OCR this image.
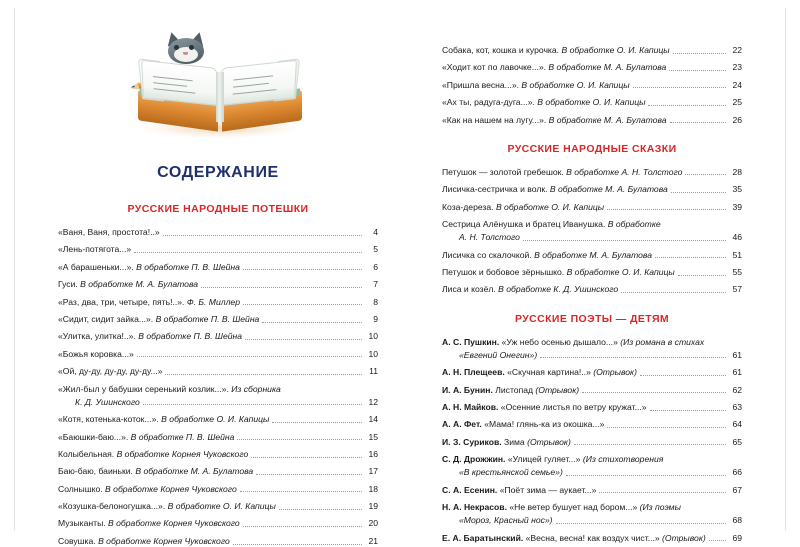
СОДЕРЖАНИЕ
РУССКИЕ НАРОДНЫЕ ПОТЕШКИ
«Ваня, Ваня, простота!..»	4
«Лень-потягота...»	5
«А барашеньки...». В обработке П. В. Шейна	6
Гуси. В обработке М. А. Булатова	7
«Раз, два, три, четыре, пять!..». Ф. Б. Миллер	8
«Сидит, сидит зайка...». В обработке П. В. Шейна	9
«Улитка, улитка!..». В обработке П. В. Шейна	10
«Божья коровка...»	10
«Ой, ду-ду, ду-ду, ду-ду...»	11
«Жил-был у бабушки серенький козлик...». Из сборника
К. Д. Ушинского	12
«Котя, котенька-коток...». В обработке О. И. Капицы	14
«Баюшки-баю...». В обработке П. В. Шейна	15
Колыбельная. В обработке Корнея Чуковского	16
Баю-баю, баиньки. В обработке М. А. Булатова	17
Солнышко. В обработке Корнея Чуковского	18
«Козушка-белоногушка...». В обработке О. И. Капицы	19
Музыканты. В обработке Корнея Чуковского	20
Совушка. В обработке Корнея Чуковского	21
Собака, кот, кошка и курочка. В обработке О. И. Капицы	22
«Ходит кот по лавочке...». В обработке М. А. Булатова	23
«Пришла весна...». В обработке О. И. Капицы	24
«Ах ты, радуга-дуга...». В обработке О. И. Капицы	25
«Как на нашем на лугу...». В обработке М. А. Булатова	26
РУССКИЕ НАРОДНЫЕ СКАЗКИ
Петушок — золотой гребешок. В обработке А. Н. Толстого	28
Лисичка-сестричка и волк. В обработке М. А. Булатова	35
Коза-дереза. В обработке О. И. Капицы	39
Сестрица Алёнушка и братец Иванушка. В обработке
А. Н. Толстого	46
Лисичка со скалочкой. В обработке М. А. Булатова	51
Петушок и бобовое зёрнышко. В обработке О. И. Капицы	55
Лиса и козёл. В обработке К. Д. Ушинского	57
РУССКИЕ ПОЭТЫ — ДЕТЯМ
А. С. Пушкин. «Уж небо осенью дышало...» (Из романа в стихах
«Евгений Онегин»)	61
А. Н. Плещеев. «Скучная картина!..» (Отрывок)	61
И. А. Бунин. Листопад (Отрывок)	62
А. Н. Майков. «Осенние листья по ветру кружат...»	63
А. А. Фет. «Мама! глянь-ка из окошка...»	64
И. З. Суриков. Зима (Отрывок)	65
С. Д. Дрожжин. «Улицей гуляет...» (Из стихотворения
«В крестьянской семье»)	66
С. А. Есенин. «Поёт зима — аукает...»	67
Н. А. Некрасов. «Не ветер бушует над бором...» (Из поэмы
«Мороз, Красный нос»)	68
Е. А. Баратынский. «Весна, весна! как воздух чист...» (Отрывок)	69
